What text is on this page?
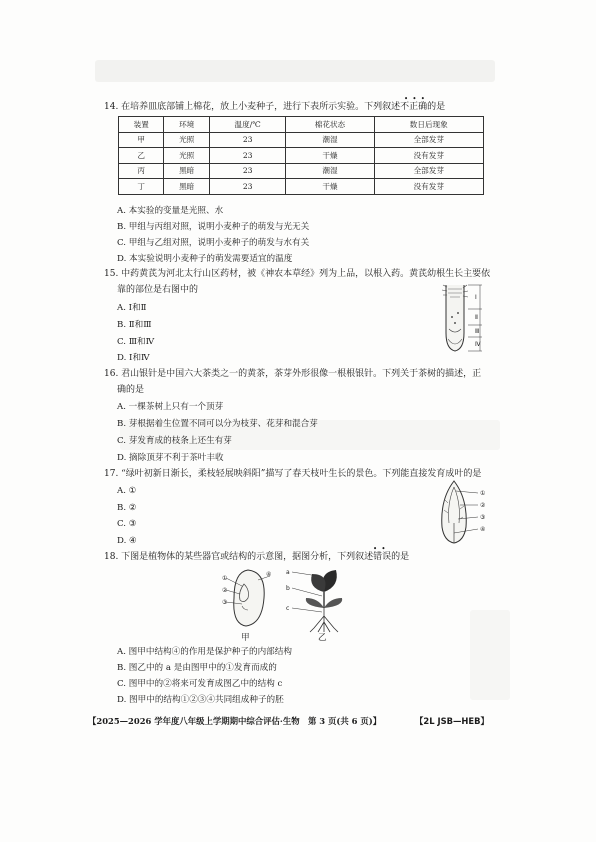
14. 在培养皿底部铺上棉花，放上小麦种子，进行下表所示实验。下列叙述不正确的是
• • •
装置	环境	温度/℃	棉花状态	数日后现象
甲	光照	23	潮湿	全部发芽
乙	光照	23	干燥	没有发芽
丙	黑暗	23	潮湿	全部发芽
丁	黑暗	23	干燥	没有发芽
A. 本实验的变量是光照、水
B. 甲组与丙组对照，说明小麦种子的萌发与光无关
C. 甲组与乙组对照，说明小麦种子的萌发与水有关
D. 本实验说明小麦种子的萌发需要适宜的温度
15. 中药黄芪为河北太行山区药材，被《神农本草经》列为上品，以根入药。黄芪幼根生长主要依
靠的部位是右图中的
A. Ⅰ和Ⅱ
B. Ⅱ和Ⅲ
C. Ⅲ和Ⅳ
D. Ⅰ和Ⅳ
Ⅰ
Ⅱ
Ⅲ
Ⅳ
16. 君山银针是中国六大茶类之一的黄茶，茶芽外形很像一根根银针。下列关于茶树的描述，正
确的是
A. 一棵茶树上只有一个顶芽
B. 芽根据着生位置不同可以分为枝芽、花芽和混合芽
C. 芽发育成的枝条上还生有芽
D. 摘除顶芽不利于茶叶丰收
17. “绿叶初新日渐长，柔枝轻展映斜阳”描写了春天枝叶生长的景色。下列能直接发育成叶的是
A. ①
B. ②
C. ③
D. ④
①
②
③
④
18. 下图是植物体的某些器官或结构的示意图，据图分析，下列叙述错误的是
• •
①
②
③
④
甲
a
b
c
乙
A. 图甲中结构④的作用是保护种子的内部结构
B. 图乙中的 a 是由图甲中的①发育而成的
C. 图甲中的②将来可发育成图乙中的结构 c
D. 图甲中的结构①②③④共同组成种子的胚
【2025—2026 学年度八年级上学期期中综合评估·生物　第 3 页(共 6 页)】	【2L JSB—HEB】
